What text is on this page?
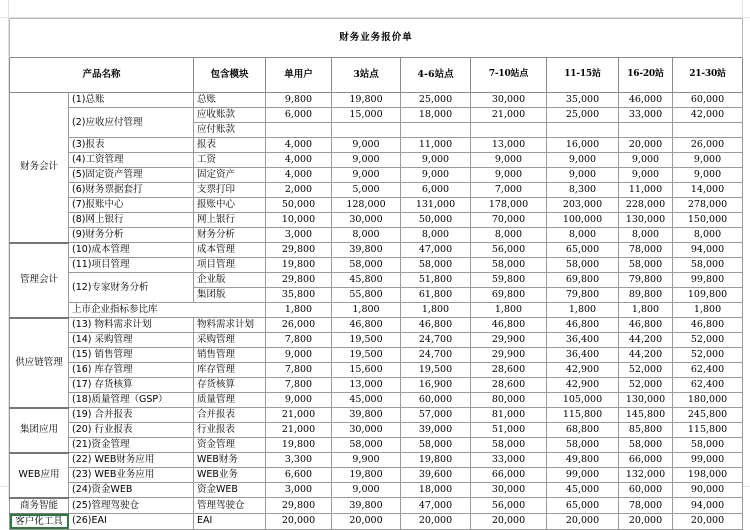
财务业务报价单									
产品名称		包含模块	单用户	3站点	4-6站点	7-10站点	11-15站	16-20站	21-30站
财务会计	(1)总账	总账	9,800	19,800	25,000	30,000	35,000	46,000	60,000
	(2)应收应付管理	应收账款	6,000	15,000	18,000	21,000	25,000	33,000	42,000
		应付账款							
	(3)报表	报表	4,000	9,000	11,000	13,000	16,000	20,000	26,000
	(4)工资管理	工资	4,000	9,000	9,000	9,000	9,000	9,000	9,000
	(5)固定资产管理	固定资产	4,000	9,000	9,000	9,000	9,000	9,000	9,000
	(6)财务票据套打	支票打印	2,000	5,000	6,000	7,000	8,300	11,000	14,000
	(7)报账中心	报账中心	50,000	128,000	131,000	178,000	203,000	228,000	278,000
	(8)网上银行	网上银行	10,000	30,000	50,000	70,000	100,000	130,000	150,000
	(9)财务分析	财务分析	3,000	8,000	8,000	8,000	8,000	8,000	8,000
管理会计	(10)成本管理	成本管理	29,800	39,800	47,000	56,000	65,000	78,000	94,000
	(11)项目管理	项目管理	19,800	58,000	58,000	58,000	58,000	58,000	58,000
	(12)专家财务分析	企业版	29,800	45,800	51,800	59,800	69,800	79,800	99,800
		集团版	35,800	55,800	61,800	69,800	79,800	89,800	109,800
	上市企业指标参比库		1,800	1,800	1,800	1,800	1,800	1,800	1,800
供应链管理	(13) 物料需求计划	物料需求计划	26,000	46,800	46,800	46,800	46,800	46,800	46,800
	(14) 采购管理	采购管理	7,800	19,500	24,700	29,900	36,400	44,200	52,000
	(15) 销售管理	销售管理	9,000	19,500	24,700	29,900	36,400	44,200	52,000
	(16) 库存管理	库存管理	7,800	15,600	19,500	28,600	42,900	52,000	62,400
	(17) 存货核算	存货核算	7,800	13,000	16,900	28,600	42,900	52,000	62,400
	(18)质量管理（GSP）	质量管理	9,000	45,000	60,000	80,000	105,000	130,000	180,000
集团应用	(19) 合并报表	合并报表	21,000	39,800	57,000	81,000	115,800	145,800	245,800
	(20) 行业报表	行业报表	21,000	30,000	39,000	51,000	68,800	85,800	115,800
	(21)资金管理	资金管理	19,800	58,000	58,000	58,000	58,000	58,000	58,000
WEB应用	(22) WEB财务应用	WEB财务	3,300	9,900	19,800	33,000	49,800	66,000	99,000
	(23) WEB业务应用	WEB业务	6,600	19,800	39,600	66,000	99,000	132,000	198,000
	(24)资金WEB	资金WEB	3,000	9,000	18,000	30,000	45,000	60,000	90,000
商务智能	(25)管理驾驶仓	管理驾驶仓	29,800	39,800	47,000	56,000	65,000	78,000	94,000
客户化工具	(26)EAI	EAI	20,000	20,000	20,000	20,000	20,000	20,000	20,000
